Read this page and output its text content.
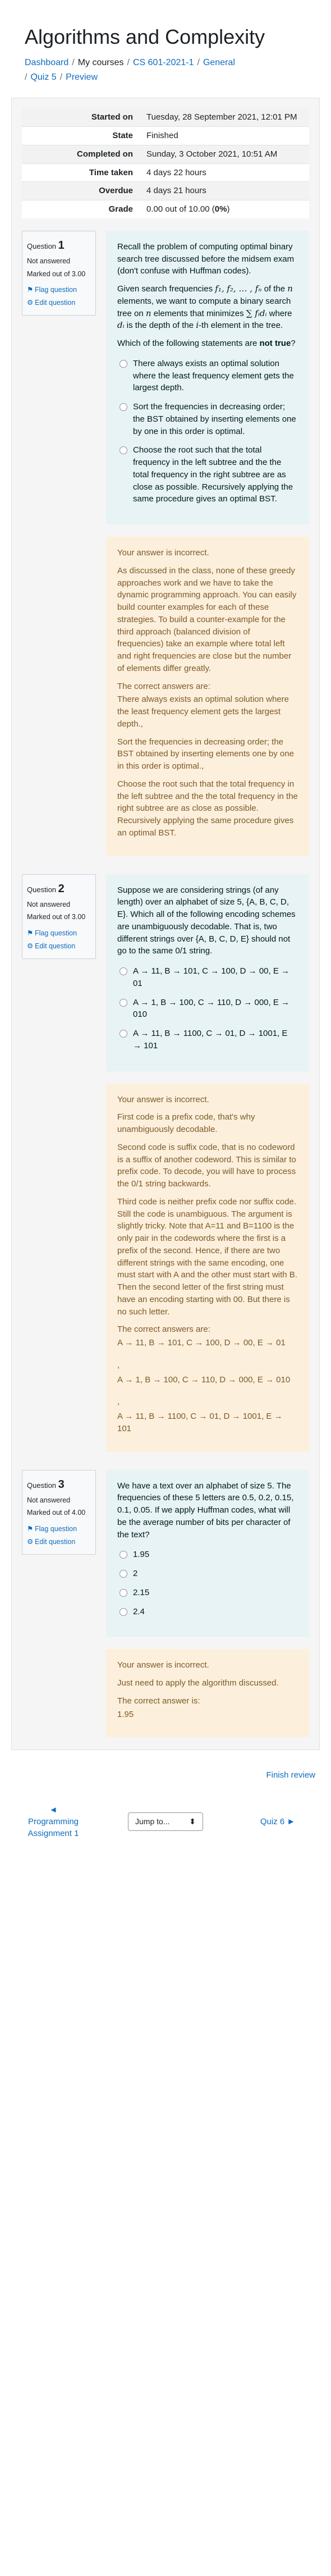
Algorithms and Complexity
Dashboard / My courses / CS 601-2021-1 / General
/ Quiz 5 / Preview
Started on	Tuesday, 28 September 2021, 12:01 PM
State	Finished
Completed on	Sunday, 3 October 2021, 10:51 AM
Time taken	4 days 22 hours
Overdue	4 days 21 hours
Grade	0.00 out of 10.00 (0%)
Question 1
Not answered
Marked out of 3.00
⚑ Flag question
⚙ Edit question

Recall the problem of computing optimal binary search tree discussed before the midsem exam (don't confuse with Huffman codes).

Given search frequencies f₁, f₂, … , fₙ of the n elements, we want to compute a binary search tree on n elements that minimizes ∑ fᵢdᵢ where dᵢ is the depth of the i-th element in the tree.

Which of the following statements are not true?

There always exists an optimal solution where the least frequency element gets the largest depth.
Sort the frequencies in decreasing order; the BST obtained by inserting elements one by one in this order is optimal.
Choose the root such that the total frequency in the left subtree and the the total frequency in the right subtree are as close as possible. Recursively applying the same procedure gives an optimal BST.

Your answer is incorrect.

As discussed in the class, none of these greedy approaches work and we have to take the dynamic programming approach. You can easily build counter examples for each of these strategies. To build a counter-example for the third approach (balanced division of frequencies) take an example where total left and right frequencies are close but the number of elements differ greatly.

The correct answers are:

There always exists an optimal solution where the least frequency element gets the largest depth.,

Sort the frequencies in decreasing order; the BST obtained by inserting elements one by one in this order is optimal.,

Choose the root such that the total frequency in the left subtree and the the total frequency in the right subtree are as close as possible. Recursively applying the same procedure gives an optimal BST.

Question 2
Not answered
Marked out of 3.00
⚑ Flag question
⚙ Edit question

Suppose we are considering strings (of any length) over an alphabet of size 5, {A, B, C, D, E}. Which all of the following encoding schemes are unambiguously decodable. That is, two different strings over {A, B, C, D, E} should not go to the same 0/1 string.

A → 11, B → 101, C → 100, D → 00, E → 01
A → 1, B → 100, C → 110, D → 000, E → 010
A → 11, B → 1100, C → 01, D → 1001, E → 101

Your answer is incorrect.

First code is a prefix code, that's why unambiguously decodable.

Second code is suffix code, that is no codeword is a suffix of another codeword. This is similar to prefix code. To decode, you will have to process the 0/1 string backwards.

Third code is neither prefix code nor suffix code. Still the code is unambiguous. The argument is slightly tricky. Note that A=11 and B=1100 is the only pair in the codewords where the first is a prefix of the second. Hence, if there are two different strings with the same encoding, one must start with A and the other must start with B. Then the second letter of the first string must have an encoding starting with 00. But there is no such letter.

The correct answers are:

A → 11, B → 101, C → 100, D → 00, E → 01

,

A → 1, B → 100, C → 110, D → 000, E → 010

,

A → 11, B → 1100, C → 01, D → 1001, E → 101

Question 3
Not answered
Marked out of 4.00
⚑ Flag question
⚙ Edit question

We have a text over an alphabet of size 5. The frequencies of these 5 letters are 0.5, 0.2, 0.15, 0.1, 0.05. If we apply Huffman codes, what will be the average number of bits per character of the text?

1.95
2
2.15
2.4

Your answer is incorrect.

Just need to apply the algorithm discussed.

The correct answer is:

1.95

Finish review
◄
Programming Assignment 1
Jump to... ⬍	Quiz 6 ►
